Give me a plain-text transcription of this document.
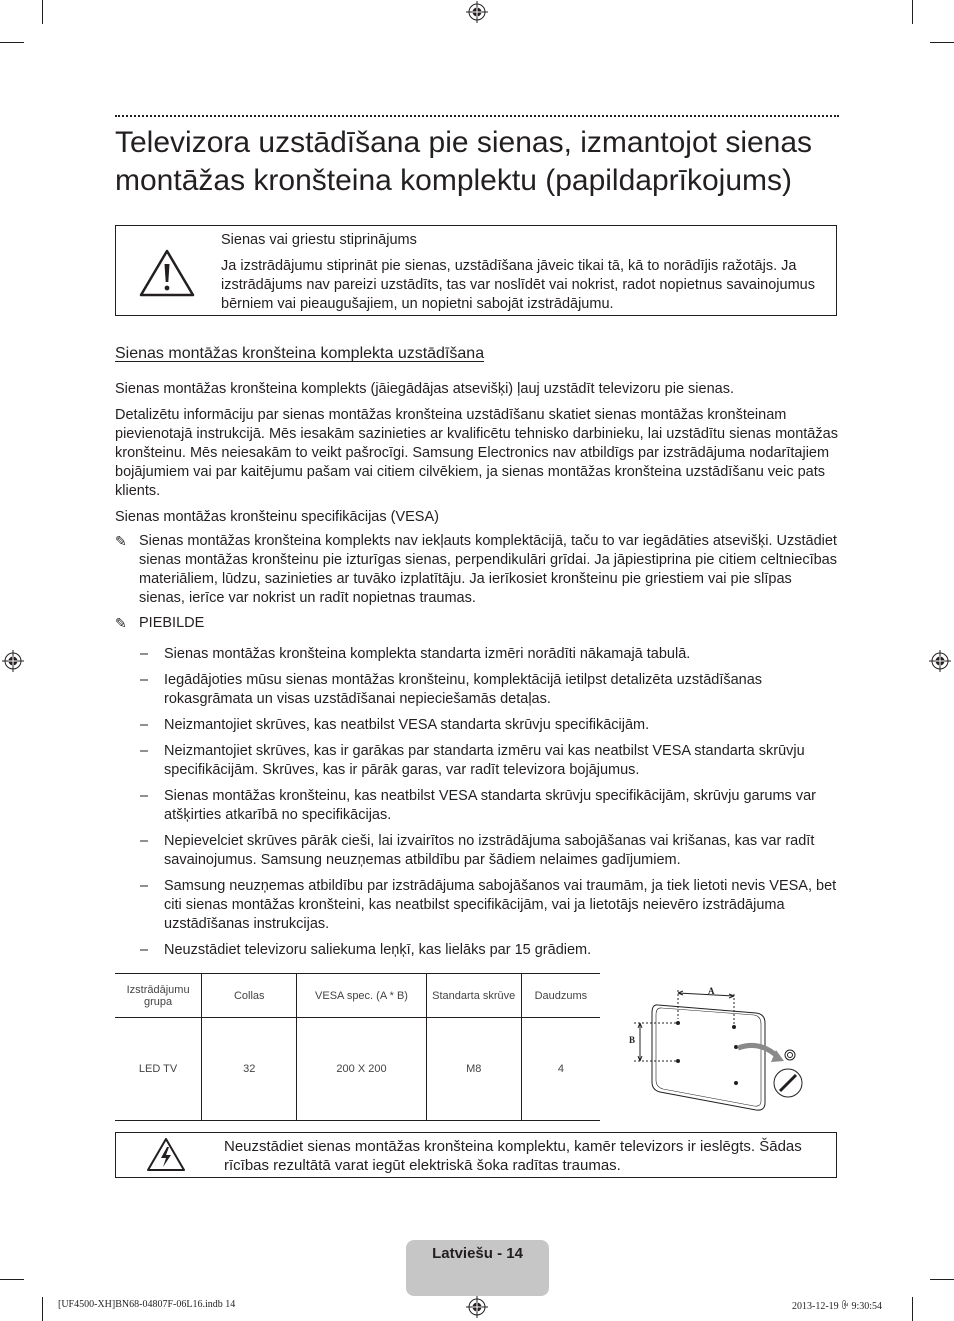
Televizora uzstādīšana pie sienas, izmantojot sienas montāžas kronšteina komplektu (papildaprīkojums)

Sienas vai griestu stiprinājums

Ja izstrādājumu stiprināt pie sienas, uzstādīšana jāveic tikai tā, kā to norādījis ražotājs. Ja izstrādājums nav pareizi uzstādīts, tas var noslīdēt vai nokrist, radot nopietnus savainojumus bērniem vai pieaugušajiem, un nopietni sabojāt izstrādājumu.

Sienas montāžas kronšteina komplekta uzstādīšana

Sienas montāžas kronšteina komplekts (jāiegādājas atsevišķi) ļauj uzstādīt televizoru pie sienas.

Detalizētu informāciju par sienas montāžas kronšteina uzstādīšanu skatiet sienas montāžas kronšteinam pievienotajā instrukcijā. Mēs iesakām sazinieties ar kvalificētu tehnisko darbinieku, lai uzstādītu sienas montāžas kronšteinu. Mēs neiesakām to veikt pašrocīgi. Samsung Electronics nav atbildīgs par izstrādājuma nodarītajiem bojājumiem vai par kaitējumu pašam vai citiem cilvēkiem, ja sienas montāžas kronšteina uzstādīšanu veic pats klients.

Sienas montāžas kronšteinu specifikācijas (VESA)

✎ Sienas montāžas kronšteina komplekts nav iekļauts komplektācijā, taču to var iegādāties atsevišķi. Uzstādiet sienas montāžas kronšteinu pie izturīgas sienas, perpendikulāri grīdai. Ja jāpiestiprina pie citiem celtniecības materiāliem, lūdzu, sazinieties ar tuvāko izplatītāju. Ja ierīkosiet kronšteinu pie griestiem vai pie slīpas sienas, ierīce var nokrist un radīt nopietnas traumas.

✎ PIEBILDE

– Sienas montāžas kronšteina komplekta standarta izmēri norādīti nākamajā tabulā.
– Iegādājoties mūsu sienas montāžas kronšteinu, komplektācijā ietilpst detalizēta uzstādīšanas rokasgrāmata un visas uzstādīšanai nepieciešamās detaļas.
– Neizmantojiet skrūves, kas neatbilst VESA standarta skrūvju specifikācijām.
– Neizmantojiet skrūves, kas ir garākas par standarta izmēru vai kas neatbilst VESA standarta skrūvju specifikācijām. Skrūves, kas ir pārāk garas, var radīt televizora bojājumus.
– Sienas montāžas kronšteinu, kas neatbilst VESA standarta skrūvju specifikācijām, skrūvju garums var atšķirties atkarībā no specifikācijas.
– Nepievelciet skrūves pārāk cieši, lai izvairītos no izstrādājuma sabojāšanas vai krišanas, kas var radīt savainojumus. Samsung neuzņemas atbildību par šādiem nelaimes gadījumiem.
– Samsung neuzņemas atbildību par izstrādājuma sabojāšanos vai traumām, ja tiek lietoti nevis VESA, bet citi sienas montāžas kronšteini, kas neatbilst specifikācijām, vai ja lietotājs neievēro izstrādājuma uzstādīšanas instrukcijas.
– Neuzstādiet televizoru saliekuma leņķī, kas lielāks par 15 grādiem.
Izstrādājumu grupa	Collas	VESA spec. (A * B)	Standarta skrūve	Daudzums
LED TV	32	200 X 200	M8	4
A
B

Neuzstādiet sienas montāžas kronšteina komplektu, kamēr televizors ir ieslēgts. Šādas rīcības rezultātā varat iegūt elektriskā šoka radītas traumas.

Latviešu - 14
[UF4500-XH]BN68-04807F-06L16.indb 14	2013-12-19 ꆞ 9:30:54
